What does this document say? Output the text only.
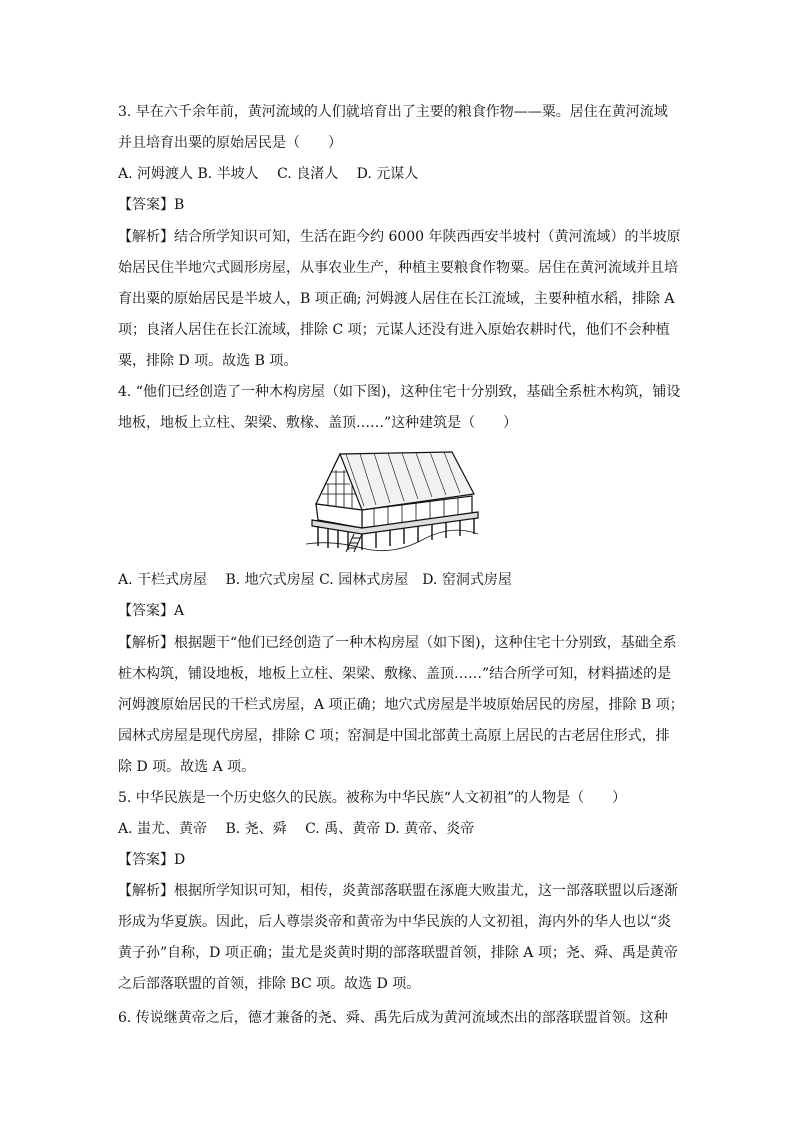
3. 早在六千余年前，黄河流域的人们就培育出了主要的粮食作物——粟。居住在黄河流域
并且培育出粟的原始居民是（　　）
A. 河姆渡人 B. 半坡人　 C. 良渚人　 D. 元谋人
【答案】B
【解析】结合所学知识可知，生活在距今约 6000 年陕西西安半坡村（黄河流域）的半坡原
始居民住半地穴式圆形房屋，从事农业生产，种植主要粮食作物粟。居住在黄河流域并且培
育出粟的原始居民是半坡人，B 项正确; 河姆渡人居住在长江流域，主要种植水稻，排除 A
项；良渚人居住在长江流域，排除 C 项；元谋人还没有进入原始农耕时代，他们不会种植
粟，排除 D 项。故选 B 项。
4. “他们已经创造了一种木构房屋（如下图)，这种住宅十分别致，基础全系桩木构筑，铺设
地板，地板上立柱、架梁、敷椽、盖顶……”这种建筑是（　　）
A. 干栏式房屋　 B. 地穴式房屋 C. 园林式房屋　D. 窑洞式房屋
【答案】A
【解析】根据题干“他们已经创造了一种木构房屋（如下图)，这种住宅十分别致，基础全系
桩木构筑，铺设地板，地板上立柱、架梁、敷椽、盖顶……”结合所学可知，材料描述的是
河姆渡原始居民的干栏式房屋，A 项正确；地穴式房屋是半坡原始居民的房屋，排除 B 项；
园林式房屋是现代房屋，排除 C 项；窑洞是中国北部黄土高原上居民的古老居住形式，排
除 D 项。故选 A 项。
5. 中华民族是一个历史悠久的民族。被称为中华民族“人文初祖”的人物是（　　）
A. 蚩尤、黄帝　 B. 尧、舜　 C. 禹、黄帝 D. 黄帝、炎帝
【答案】D
【解析】根据所学知识可知，相传，炎黄部落联盟在涿鹿大败蚩尤，这一部落联盟以后逐渐
形成为华夏族。因此，后人尊崇炎帝和黄帝为中华民族的人文初祖，海内外的华人也以“炎
黄子孙”自称，D 项正确；蚩尤是炎黄时期的部落联盟首领，排除 A 项；尧、舜、禹是黄帝
之后部落联盟的首领，排除 BC 项。故选 D 项。
6. 传说继黄帝之后，德才兼备的尧、舜、禹先后成为黄河流域杰出的部落联盟首领。这种
